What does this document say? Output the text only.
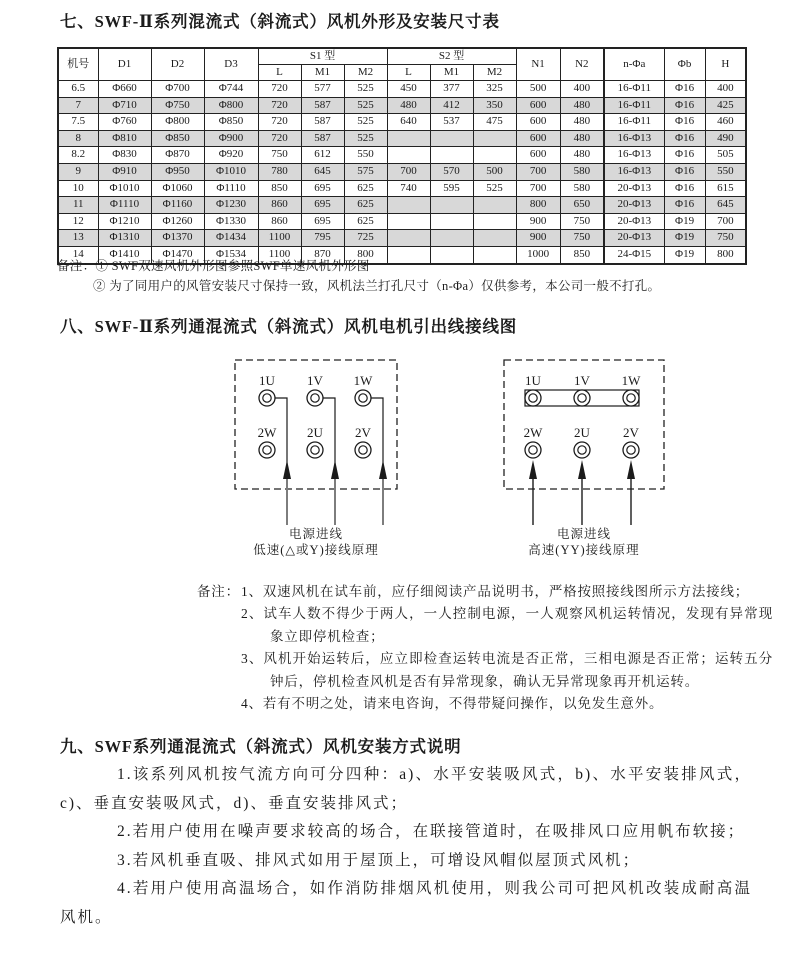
七、SWF-Ⅱ系列混流式（斜流式）风机外形及安装尺寸表
机号	D1	D2	D3	S1 型			S2 型			N1	N2	n-Φa	Φb	H
				L	M1	M2	L	M1	M2					
6.5	Φ660	Φ700	Φ744	720	577	525	450	377	325	500	400	16-Φ11	Φ16	400
7	Φ710	Φ750	Φ800	720	587	525	480	412	350	600	480	16-Φ11	Φ16	425
7.5	Φ760	Φ800	Φ850	720	587	525	640	537	475	600	480	16-Φ11	Φ16	460
8	Φ810	Φ850	Φ900	720	587	525				600	480	16-Φ13	Φ16	490
8.2	Φ830	Φ870	Φ920	750	612	550				600	480	16-Φ13	Φ16	505
9	Φ910	Φ950	Φ1010	780	645	575	700	570	500	700	580	16-Φ13	Φ16	550
10	Φ1010	Φ1060	Φ1110	850	695	625	740	595	525	700	580	20-Φ13	Φ16	615
11	Φ1110	Φ1160	Φ1230	860	695	625				800	650	20-Φ13	Φ16	645
12	Φ1210	Φ1260	Φ1330	860	695	625				900	750	20-Φ13	Φ19	700
13	Φ1310	Φ1370	Φ1434	1100	795	725				900	750	20-Φ13	Φ19	750
14	Φ1410	Φ1470	Φ1534	1100	870	800				1000	850	24-Φ15	Φ19	800
备注：① SWF双速风机外形图参照SWF单速风机外形图
② 为了同用户的风管安装尺寸保持一致，风机法兰打孔尺寸（n-Φa）仅供参考，本公司一般不打孔。
八、SWF-Ⅱ系列通混流式（斜流式）风机电机引出线接线图
1U 1V 1W
2W 2U 2V
1U	1V 1W
2W 2U	2V
电源进线
低速(△或Y)接线原理
电源进线
高速(YY)接线原理
备注： 1、双速风机在试车前，应仔细阅读产品说明书，严格按照接线图所示方法接线；
2、试车人数不得少于两人，一人控制电源，一人观察风机运转情况，发现有异常现象立即停机检查；
3、风机开始运转后，应立即检查运转电流是否正常，三相电源是否正常；运转五分钟后，停机检查风机是否有异常现象，确认无异常现象再开机运转。
4、若有不明之处，请来电咨询，不得带疑问操作，以免发生意外。
九、SWF系列通混流式（斜流式）风机安装方式说明

1.该系列风机按气流方向可分四种：a)、水平安装吸风式，b)、水平安装排风式，c)、垂直安装吸风式，d)、垂直安装排风式；

2.若用户使用在噪声要求较高的场合，在联接管道时，在吸排风口应用帆布软接；

3.若风机垂直吸、排风式如用于屋顶上，可增设风帽似屋顶式风机；

4.若用户使用高温场合，如作消防排烟风机使用，则我公司可把风机改装成耐高温风机。
